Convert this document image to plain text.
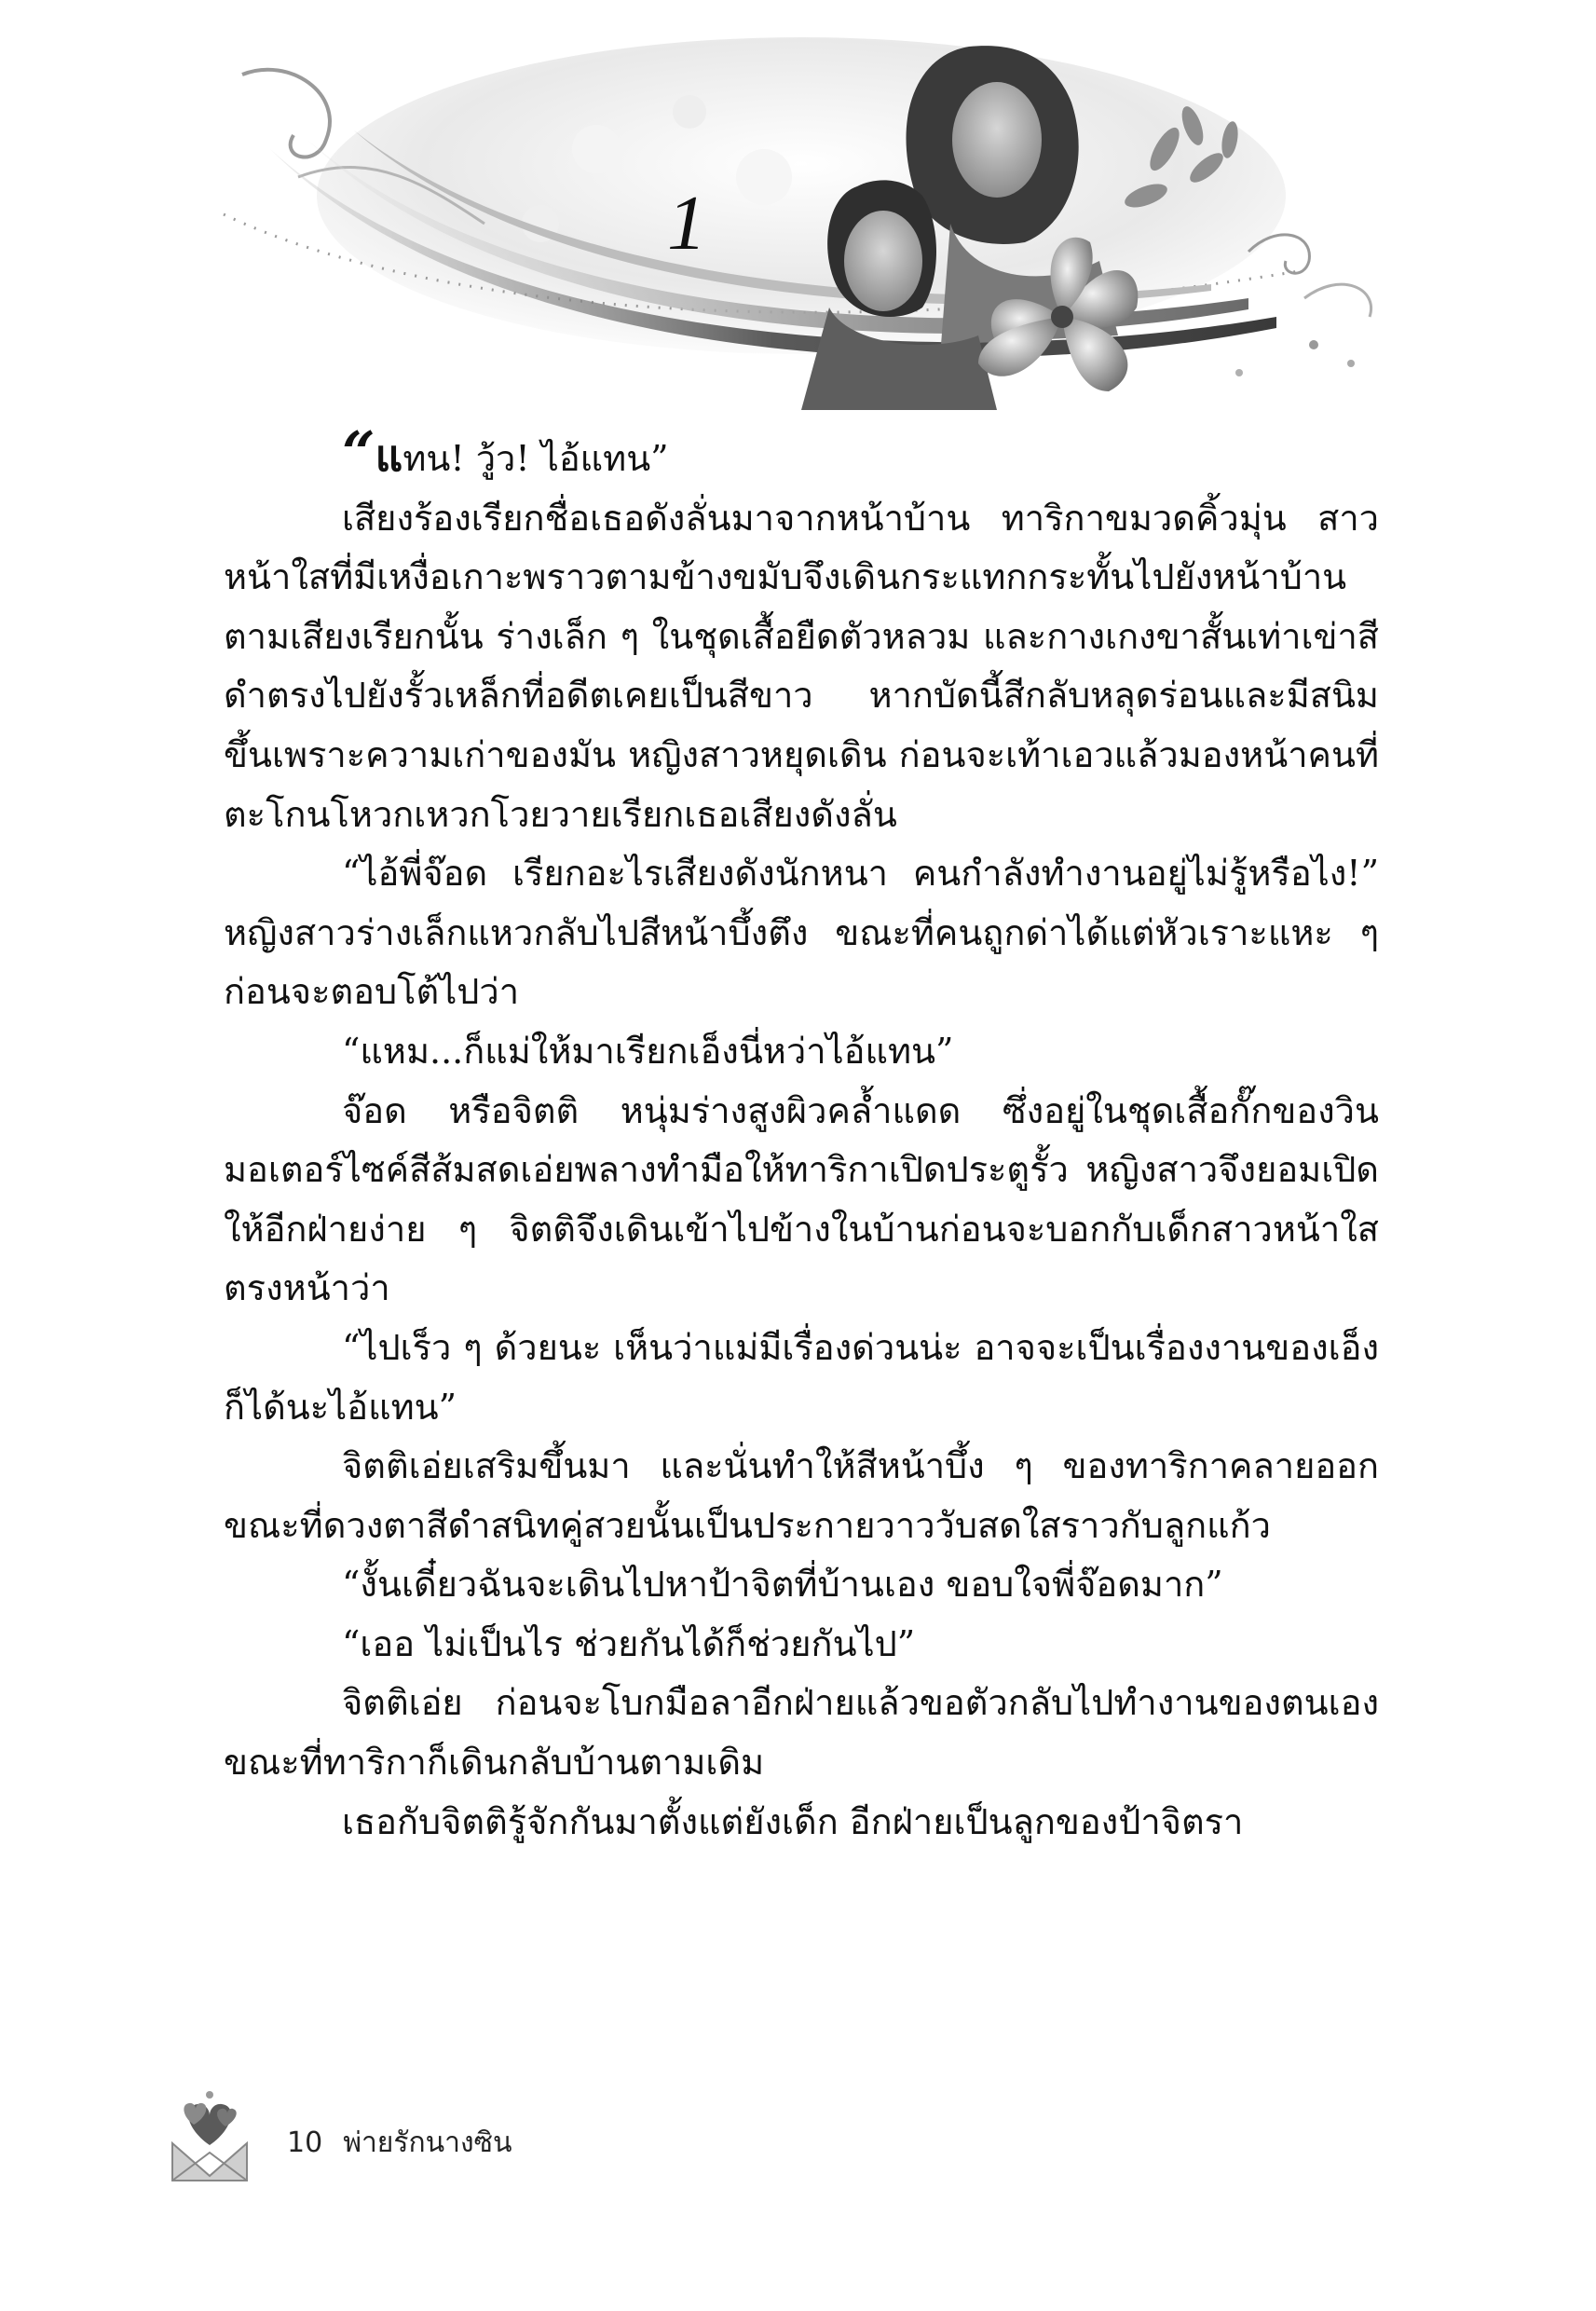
1

“แทน! วู้ว! ไอ้แทน”

เสียงร้องเรียกชื่อเธอดังลั่นมาจากหน้าบ้าน ทาริกาขมวดคิ้วมุ่น สาวหน้าใสที่มีเหงื่อเกาะพราวตามข้างขมับจึงเดินกระแทกกระทั้นไปยังหน้าบ้านตามเสียงเรียกนั้น ร่างเล็ก ๆ ในชุดเสื้อยืดตัวหลวม และกางเกงขาสั้นเท่าเข่าสีดำตรงไปยังรั้วเหล็กที่อดีตเคยเป็นสีขาว หากบัดนี้สีกลับหลุดร่อนและมีสนิมขึ้นเพราะความเก่าของมัน หญิงสาวหยุดเดิน ก่อนจะเท้าเอวแล้วมองหน้าคนที่ตะโกนโหวกเหวกโวยวายเรียกเธอเสียงดังลั่น

“ไอ้พี่จ๊อด เรียกอะไรเสียงดังนักหนา คนกำลังทำงานอยู่ไม่รู้หรือไง!” หญิงสาวร่างเล็กแหวกลับไปสีหน้าบึ้งตึง ขณะที่คนถูกด่าได้แต่หัวเราะแหะ ๆ ก่อนจะตอบโต้ไปว่า

“แหม...ก็แม่ให้มาเรียกเอ็งนี่หว่าไอ้แทน”

จ๊อด หรือจิตติ หนุ่มร่างสูงผิวคล้ำแดด ซึ่งอยู่ในชุดเสื้อกั๊กของวินมอเตอร์ไซค์สีส้มสดเอ่ยพลางทำมือให้ทาริกาเปิดประตูรั้ว หญิงสาวจึงยอมเปิดให้อีกฝ่ายง่าย ๆ จิตติจึงเดินเข้าไปข้างในบ้านก่อนจะบอกกับเด็กสาวหน้าใสตรงหน้าว่า

“ไปเร็ว ๆ ด้วยนะ เห็นว่าแม่มีเรื่องด่วนน่ะ อาจจะเป็นเรื่องงานของเอ็งก็ได้นะไอ้แทน”

จิตติเอ่ยเสริมขึ้นมา และนั่นทำให้สีหน้าบึ้ง ๆ ของทาริกาคลายออก ขณะที่ดวงตาสีดำสนิทคู่สวยนั้นเป็นประกายวาววับสดใสราวกับลูกแก้ว

“งั้นเดี๋ยวฉันจะเดินไปหาป้าจิตที่บ้านเอง ขอบใจพี่จ๊อดมาก”

“เออ ไม่เป็นไร ช่วยกันได้ก็ช่วยกันไป”

จิตติเอ่ย ก่อนจะโบกมือลาอีกฝ่ายแล้วขอตัวกลับไปทำงานของตนเอง ขณะที่ทาริกาก็เดินกลับบ้านตามเดิม

เธอกับจิตติรู้จักกันมาตั้งแต่ยังเด็ก อีกฝ่ายเป็นลูกของป้าจิตรา

10 พ่ายรักนางซิน
